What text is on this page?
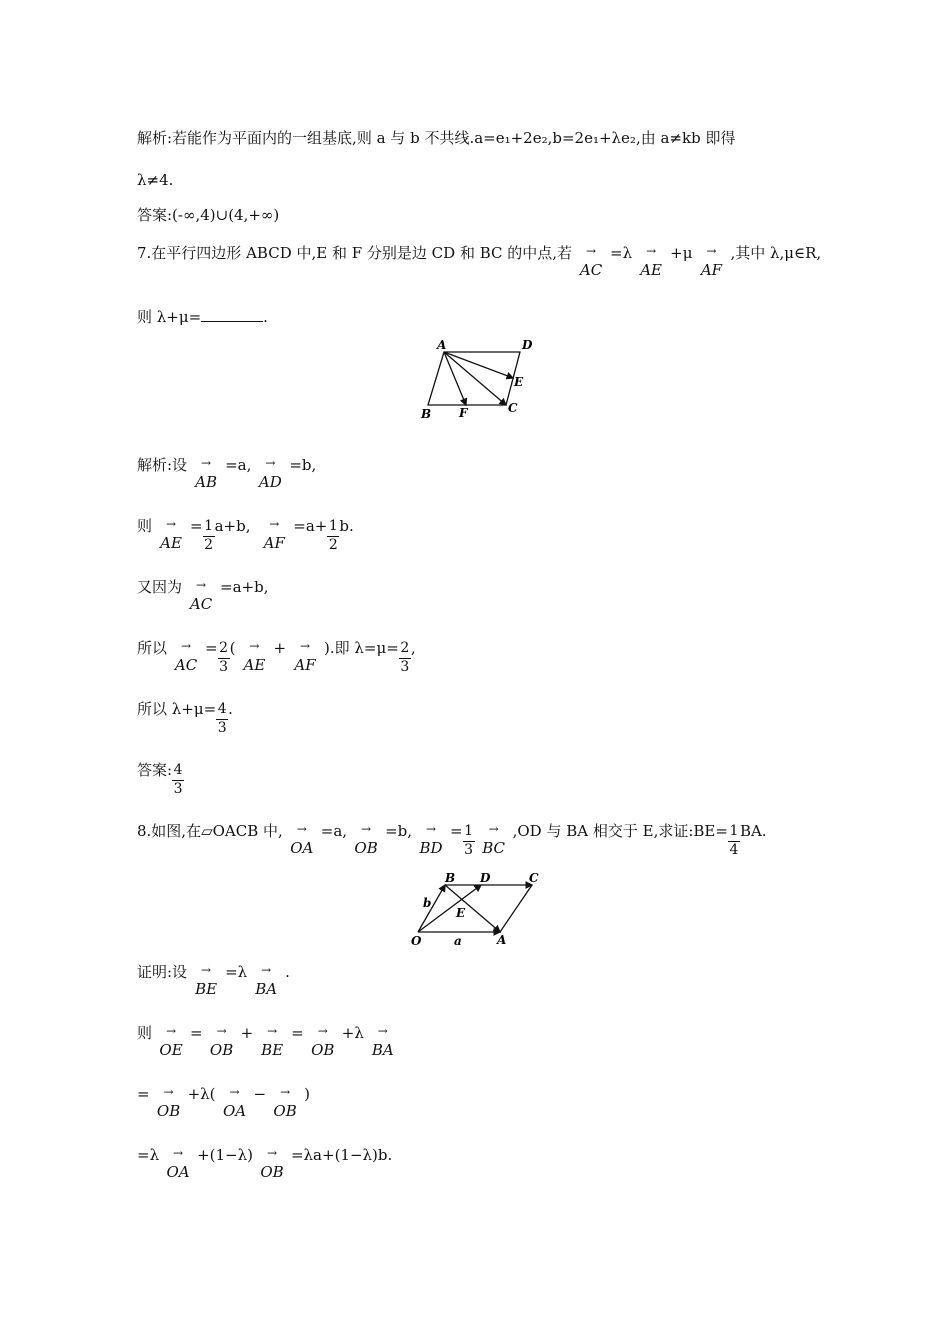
解析:若能作为平面内的一组基底,则 a 与 b 不共线.a=e₁+2e₂,b=2e₁+λe₂,由 a≠kb 即得
λ≠4.
答案:(-∞,4)∪(4,+∞)
7.在平行四边形 ABCD 中,E 和 F 分别是边 CD 和 BC 的中点,若	→
AC
=λ	→
AE
+μ	→
AF
,其中 λ,μ∈R,
则 λ+μ=	.
A	D
E
C
B F
解析:设	→
AB
=a,	→
AD
=b,
则	→
AE
= $\frac{1}{2} a+b$,	→
AF
$=a+ \frac{1}{2} b$.
又因为	→
AC
=a+b,
所以	→
AC
= $\frac{2}{3}$ (	→
AE
+	→
AF
).即 $\lambda=\mu= \frac{2}{3}$ ,
所以 $\lambda+\mu= \frac{4}{3}$ .
答案: $\frac{4}{3}$
8.如图,在▱OACB 中,	→
OA
=a,	→
OB
=b,	→
BD
= $\frac{1}{3}$	→
BC
,OD 与 BA 相交于 E,求证:BE= $\frac{1}{4}$ BA.
O	A
B D	C
E
a
b
证明:设	→
BE
=λ	→
BA
.
则	→
OE
=	→
OB
+	→
BE
=	→
OB
+λ	→
BA
=	→
OB
+λ(	→
OA
−	→
OB
)
=λ	→
OA
+(1−λ)	→
OB
=λa+(1−λ)b.
